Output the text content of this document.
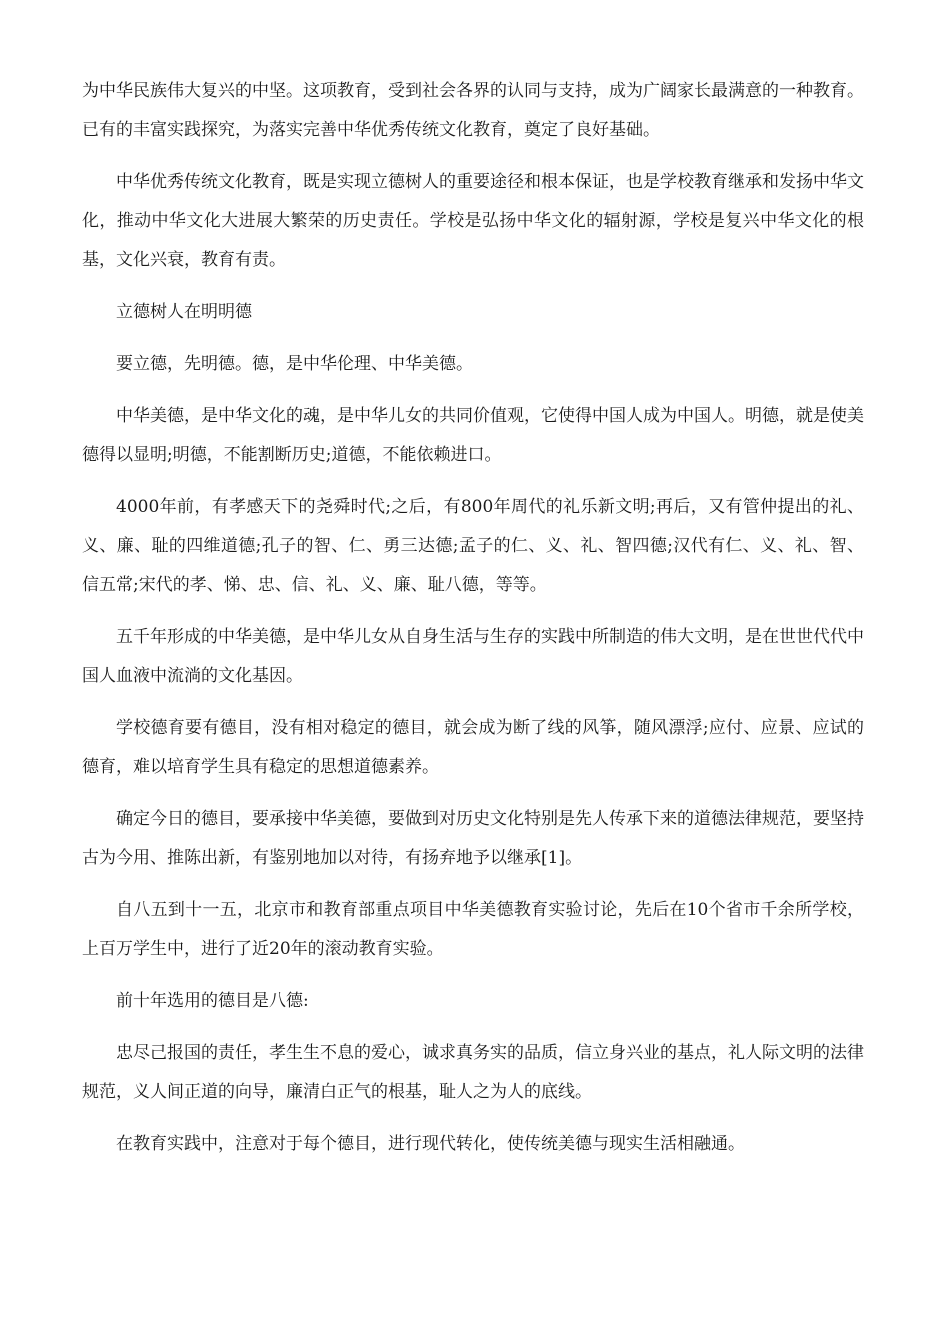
为中华民族伟大复兴的中坚。这项教育，受到社会各界的认同与支持，成为广阔家长最满意的一种教育。已有的丰富实践探究，为落实完善中华优秀传统文化教育，奠定了良好基础。

中华优秀传统文化教育，既是实现立德树人的重要途径和根本保证，也是学校教育继承和发扬中华文化，推动中华文化大进展大繁荣的历史责任。学校是弘扬中华文化的辐射源，学校是复兴中华文化的根基，文化兴衰，教育有责。

立德树人在明明德

要立德，先明德。德，是中华伦理、中华美德。

中华美德，是中华文化的魂，是中华儿女的共同价值观，它使得中国人成为中国人。明德，就是使美德得以显明;明德，不能割断历史;道德，不能依赖进口。

4000年前，有孝感天下的尧舜时代;之后，有800年周代的礼乐新文明;再后，又有管仲提出的礼、义、廉、耻的四维道德;孔子的智、仁、勇三达德;孟子的仁、义、礼、智四德;汉代有仁、义、礼、智、信五常;宋代的孝、悌、忠、信、礼、义、廉、耻八德，等等。

五千年形成的中华美德，是中华儿女从自身生活与生存的实践中所制造的伟大文明，是在世世代代中国人血液中流淌的文化基因。

学校德育要有德目，没有相对稳定的德目，就会成为断了线的风筝，随风漂浮;应付、应景、应试的德育，难以培育学生具有稳定的思想道德素养。

确定今日的德目，要承接中华美德，要做到对历史文化特别是先人传承下来的道德法律规范，要坚持古为今用、推陈出新，有鉴别地加以对待，有扬弃地予以继承[1]。

自八五到十一五，北京市和教育部重点项目中华美德教育实验讨论，先后在10个省市千余所学校，上百万学生中，进行了近20年的滚动教育实验。

前十年选用的德目是八德:

忠尽己报国的责任，孝生生不息的爱心，诚求真务实的品质，信立身兴业的基点，礼人际文明的法律规范，义人间正道的向导，廉清白正气的根基，耻人之为人的底线。

在教育实践中，注意对于每个德目，进行现代转化，使传统美德与现实生活相融通。
